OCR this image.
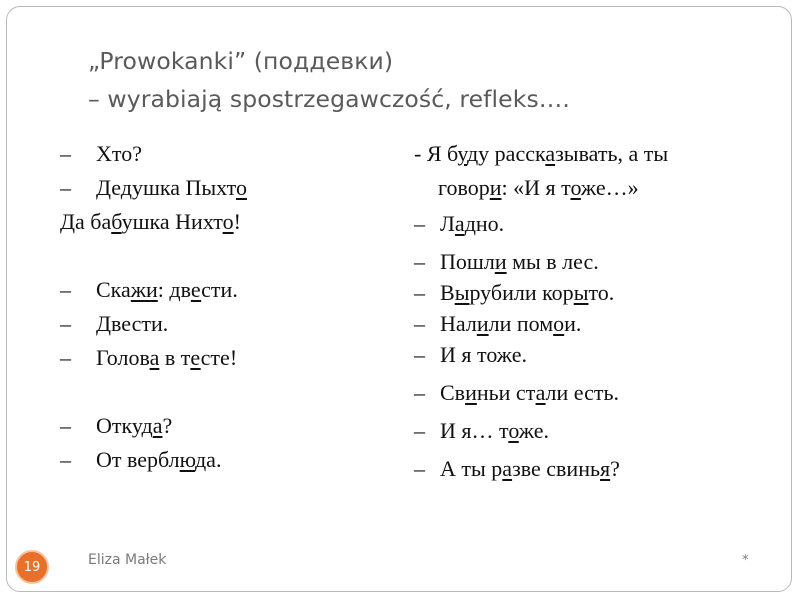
„Prowokanki” (поддевки)
– wyrabiają spostrzegawczość, refleks….
– Хто?
– Дедушка Пыхто
Да бабушка Нихто!
– Скажи: двести.
– Двести.
– Голова в тесте!
– Откуда?
– От верблюда.
- Я буду рассказывать, а ты
говори: «И я тоже…»
– Ладно.
– Пошли мы в лес.
– Вырубили корыто.
– Налили помои.
– И я тоже.
– Свиньи стали есть.
– И я… тоже.
– А ты разве свинья?
19	Eliza Małek	*
